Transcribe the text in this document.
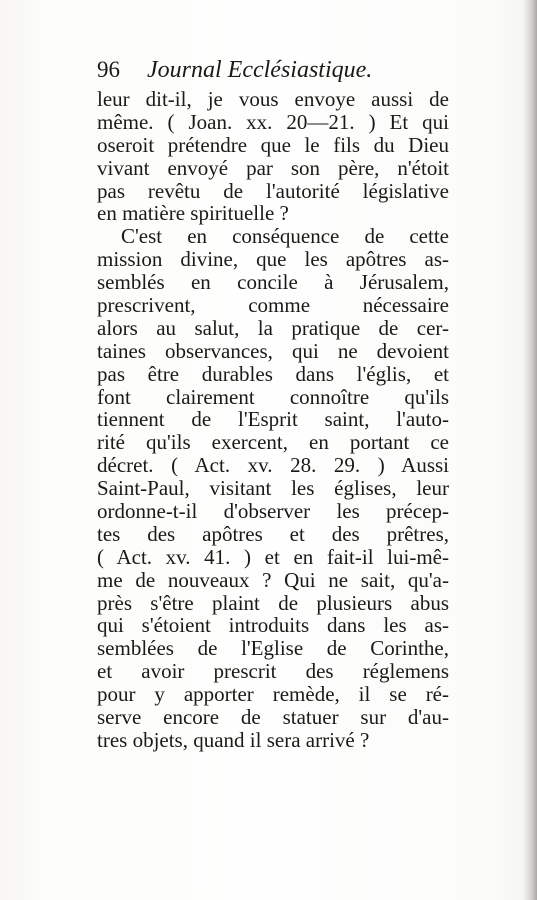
96 Journal Ecclésiastique.
leur dit-il, je vous envoye aussi de
même. ( Joan. xx. 20—21. ) Et qui
oseroit prétendre que le fils du Dieu
vivant envoyé par son père, n'étoit
pas revêtu de l'autorité législative
en matière spirituelle ?
C'est en conséquence de cette
mission divine, que les apôtres as-
semblés en concile à Jérusalem,
prescrivent, comme nécessaire
alors au salut, la pratique de cer-
taines observances, qui ne devoient
pas être durables dans l'églis, et
font clairement connoître qu'ils
tiennent de l'Esprit saint, l'auto-
rité qu'ils exercent, en portant ce
décret. ( Act. xv. 28. 29. ) Aussi
Saint-Paul, visitant les églises, leur
ordonne-t-il d'observer les précep-
tes des apôtres et des prêtres,
( Act. xv. 41. ) et en fait-il lui-mê-
me de nouveaux ? Qui ne sait, qu'a-
près s'être plaint de plusieurs abus
qui s'étoient introduits dans les as-
semblées de l'Eglise de Corinthe,
et avoir prescrit des réglemens
pour y apporter remède, il se ré-
serve encore de statuer sur d'au-
tres objets, quand il sera arrivé ?
